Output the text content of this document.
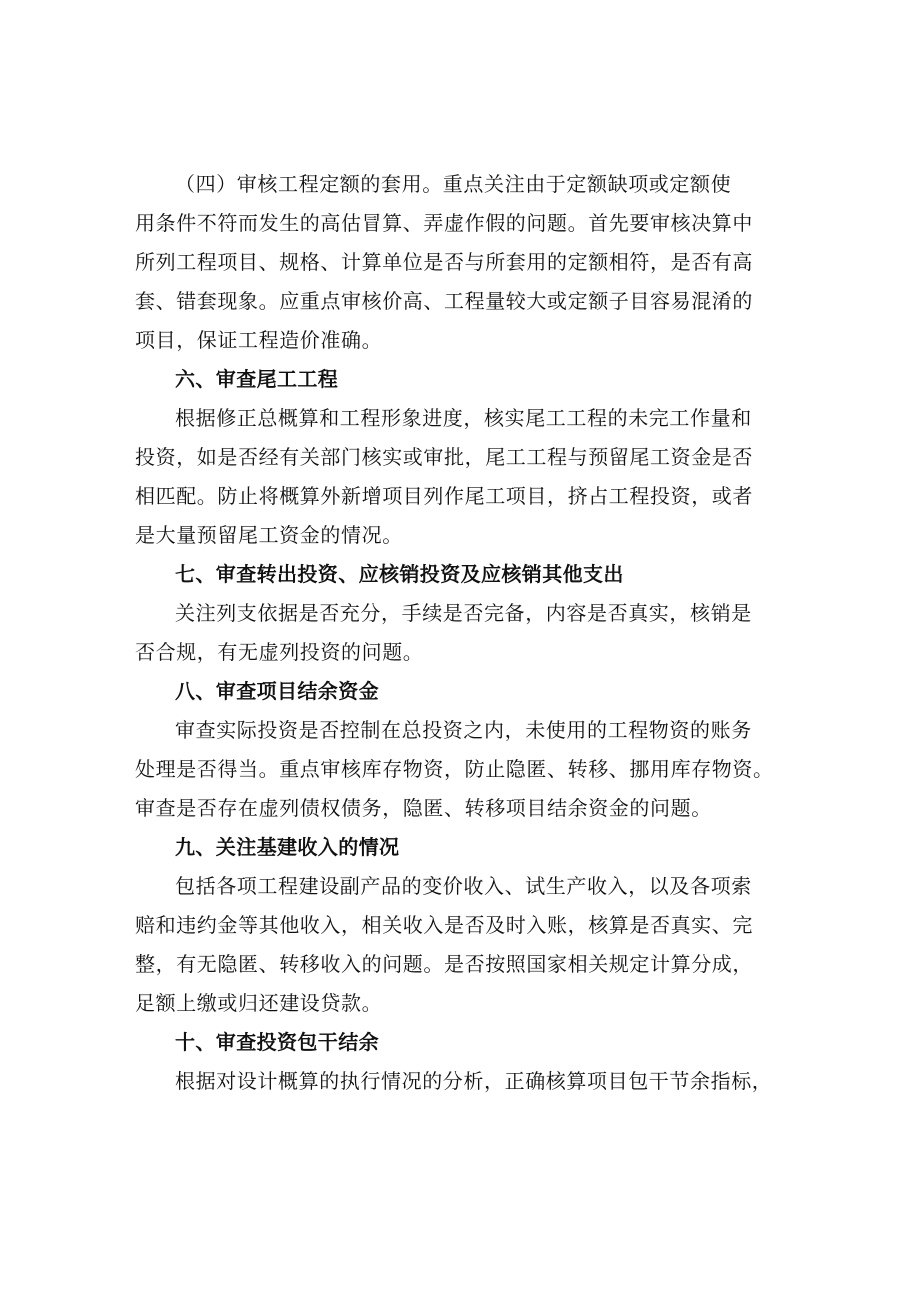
（四）审核工程定额的套用。重点关注由于定额缺项或定额使
用条件不符而发生的高估冒算、弄虚作假的问题。首先要审核决算中
所列工程项目、规格、计算单位是否与所套用的定额相符，是否有高
套、错套现象。应重点审核价高、工程量较大或定额子目容易混淆的
项目，保证工程造价准确。

六、审查尾工工程

根据修正总概算和工程形象进度，核实尾工工程的未完工作量和
投资，如是否经有关部门核实或审批，尾工工程与预留尾工资金是否
相匹配。防止将概算外新增项目列作尾工项目，挤占工程投资，或者
是大量预留尾工资金的情况。

七、审查转出投资、应核销投资及应核销其他支出

关注列支依据是否充分，手续是否完备，内容是否真实，核销是
否合规，有无虚列投资的问题。

八、审查项目结余资金

审查实际投资是否控制在总投资之内，未使用的工程物资的账务
处理是否得当。重点审核库存物资，防止隐匿、转移、挪用库存物资。
审查是否存在虚列债权债务，隐匿、转移项目结余资金的问题。

九、关注基建收入的情况

包括各项工程建设副产品的变价收入、试生产收入，以及各项索
赔和违约金等其他收入，相关收入是否及时入账，核算是否真实、完
整，有无隐匿、转移收入的问题。是否按照国家相关规定计算分成，
足额上缴或归还建设贷款。

十、审查投资包干结余

根据对设计概算的执行情况的分析，正确核算项目包干节余指标，
